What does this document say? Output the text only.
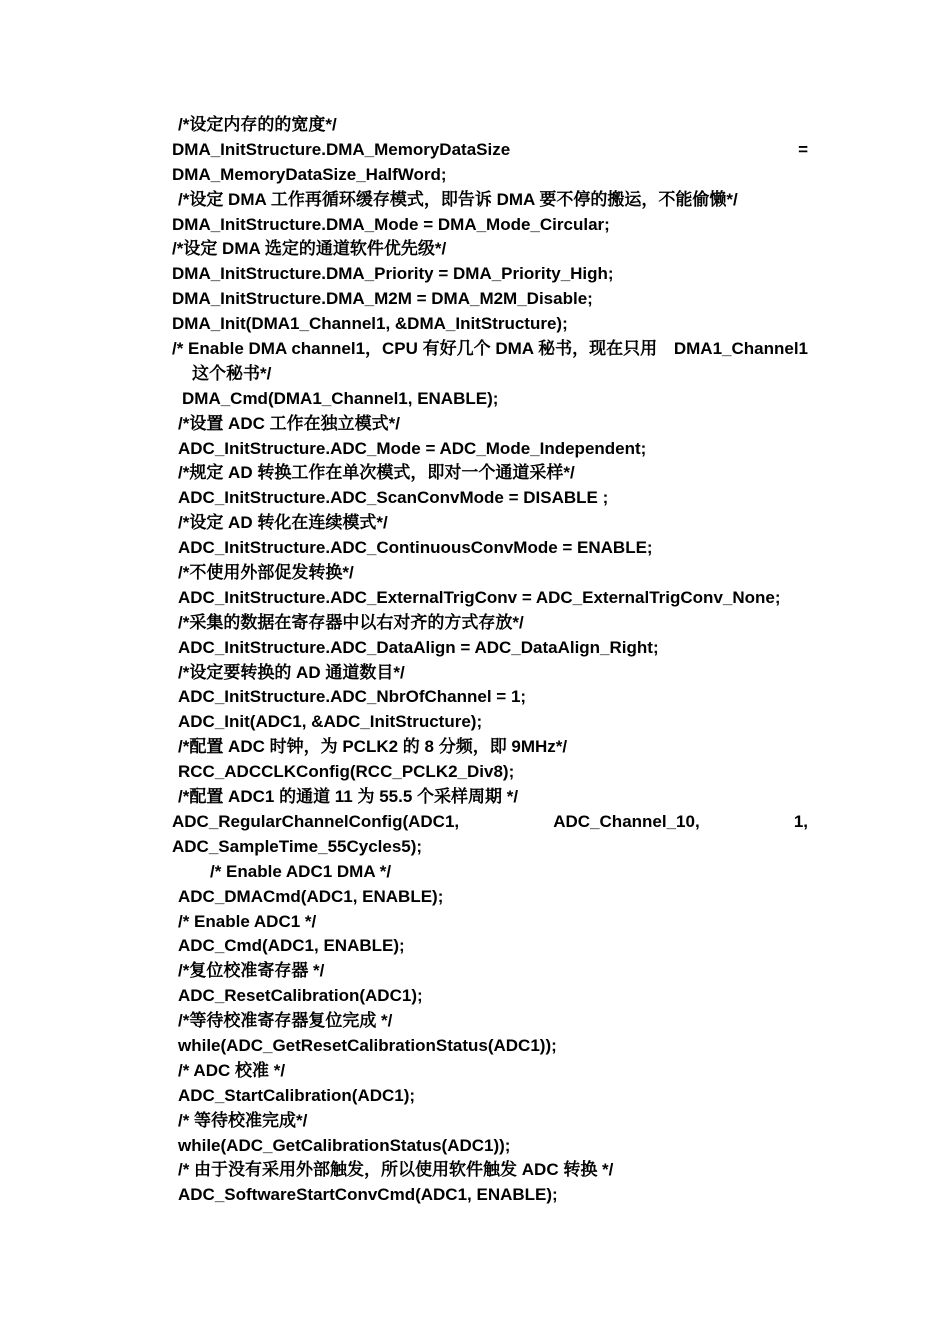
/*设定内存的的宽度*/
DMA_InitStructure.DMA_MemoryDataSize	=
DMA_MemoryDataSize_HalfWord;
/*设定 DMA 工作再循环缓存模式，即告诉 DMA 要不停的搬运，不能偷懒*/
DMA_InitStructure.DMA_Mode = DMA_Mode_Circular;
/*设定 DMA 选定的通道软件优先级*/
DMA_InitStructure.DMA_Priority = DMA_Priority_High;
DMA_InitStructure.DMA_M2M = DMA_M2M_Disable;
DMA_Init(DMA1_Channel1, &DMA_InitStructure);
/* Enable DMA channel1，CPU 有好几个 DMA 秘书，现在只用 DMA1_Channel1
这个秘书*/
DMA_Cmd(DMA1_Channel1, ENABLE);
/*设置 ADC 工作在独立模式*/
ADC_InitStructure.ADC_Mode = ADC_Mode_Independent;
/*规定 AD 转换工作在单次模式，即对一个通道采样*/
ADC_InitStructure.ADC_ScanConvMode = DISABLE ;
/*设定 AD 转化在连续模式*/
ADC_InitStructure.ADC_ContinuousConvMode = ENABLE;
/*不使用外部促发转换*/
ADC_InitStructure.ADC_ExternalTrigConv = ADC_ExternalTrigConv_None;
/*采集的数据在寄存器中以右对齐的方式存放*/
ADC_InitStructure.ADC_DataAlign = ADC_DataAlign_Right;
/*设定要转换的 AD 通道数目*/
ADC_InitStructure.ADC_NbrOfChannel = 1;
ADC_Init(ADC1, &ADC_InitStructure);
/*配置 ADC 时钟，为 PCLK2 的 8 分频，即 9MHz*/
RCC_ADCCLKConfig(RCC_PCLK2_Div8);
/*配置 ADC1 的通道 11 为 55.5 个采样周期 */
ADC_RegularChannelConfig(ADC1,	ADC_Channel_10,	1,
ADC_SampleTime_55Cycles5);
/* Enable ADC1 DMA */
ADC_DMACmd(ADC1, ENABLE);
/* Enable ADC1 */
ADC_Cmd(ADC1, ENABLE);
/*复位校准寄存器 */
ADC_ResetCalibration(ADC1);
/*等待校准寄存器复位完成 */
while(ADC_GetResetCalibrationStatus(ADC1));
/* ADC 校准 */
ADC_StartCalibration(ADC1);
/* 等待校准完成*/
while(ADC_GetCalibrationStatus(ADC1));
/* 由于没有采用外部触发，所以使用软件触发 ADC 转换 */
ADC_SoftwareStartConvCmd(ADC1, ENABLE);
